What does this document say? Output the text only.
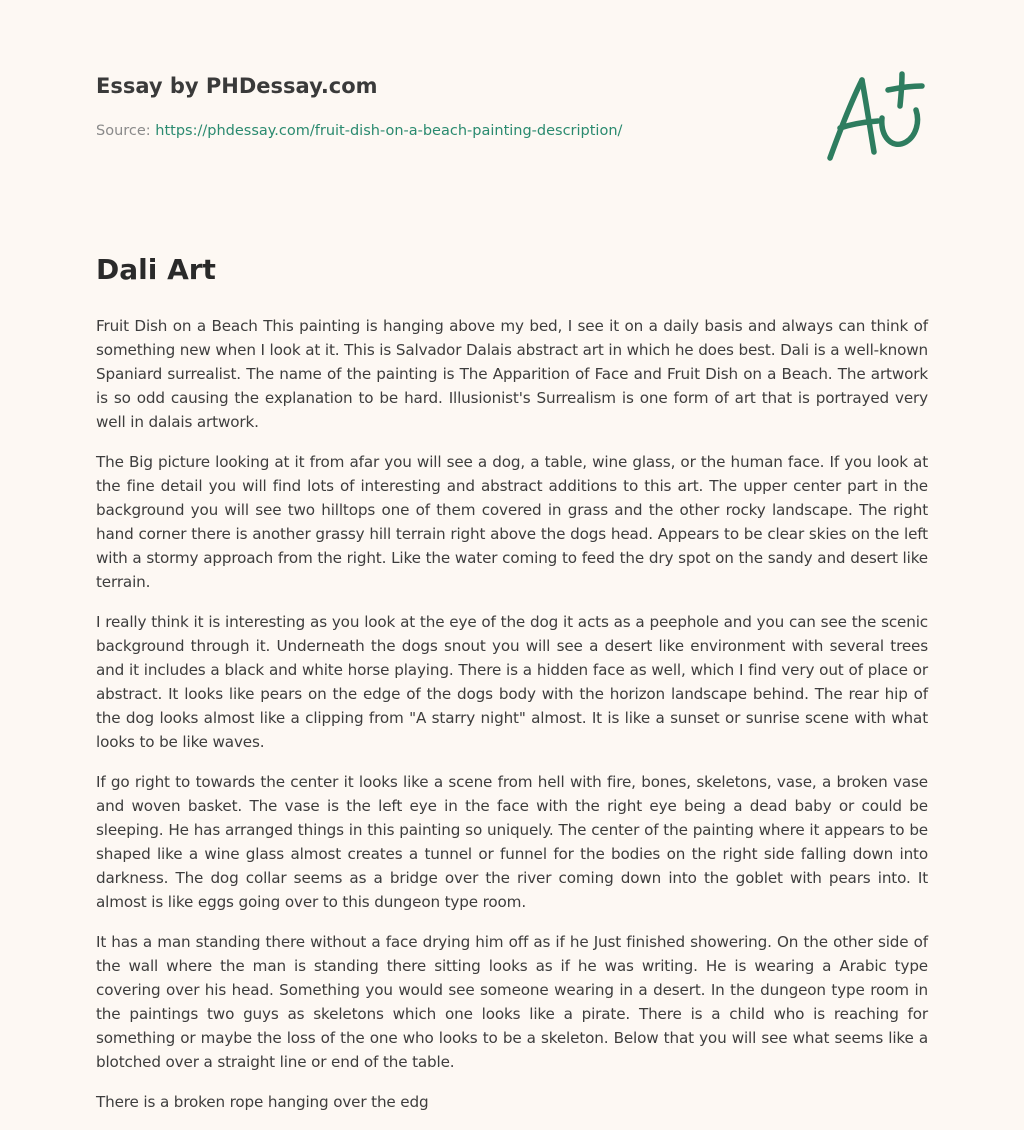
Essay by PHDessay.com
Source: https://phdessay.com/fruit-dish-on-a-beach-painting-description/
Dali Art

Fruit Dish on a Beach This painting is hanging above my bed, I see it on a daily basis and always can think of something new when I look at it. This is Salvador Dalais abstract art in which he does best. Dali is a well-known Spaniard surrealist. The name of the painting is The Apparition of Face and Fruit Dish on a Beach. The artwork is so odd causing the explanation to be hard. Illusionist's Surrealism is one form of art that is portrayed very well in dalais artwork.

The Big picture looking at it from afar you will see a dog, a table, wine glass, or the human face. If you look at the fine detail you will find lots of interesting and abstract additions to this art. The upper center part in the background you will see two hilltops one of them covered in grass and the other rocky landscape. The right hand corner there is another grassy hill terrain right above the dogs head. Appears to be clear skies on the left with a stormy approach from the right. Like the water coming to feed the dry spot on the sandy and desert like terrain.

I really think it is interesting as you look at the eye of the dog it acts as a peephole and you can see the scenic background through it. Underneath the dogs snout you will see a desert like environment with several trees and it includes a black and white horse playing. There is a hidden face as well, which I find very out of place or abstract. It looks like pears on the edge of the dogs body with the horizon landscape behind. The rear hip of the dog looks almost like a clipping from "A starry night" almost. It is like a sunset or sunrise scene with what looks to be like waves.

If go right to towards the center it looks like a scene from hell with fire, bones, skeletons, vase, a broken vase and woven basket. The vase is the left eye in the face with the right eye being a dead baby or could be sleeping. He has arranged things in this painting so uniquely. The center of the painting where it appears to be shaped like a wine glass almost creates a tunnel or funnel for the bodies on the right side falling down into darkness. The dog collar seems as a bridge over the river coming down into the goblet with pears into. It almost is like eggs going over to this dungeon type room.

It has a man standing there without a face drying him off as if he Just finished showering. On the other side of the wall where the man is standing there sitting looks as if he was writing. He is wearing a Arabic type covering over his head. Something you would see someone wearing in a desert. In the dungeon type room in the paintings two guys as skeletons which one looks like a pirate. There is a child who is reaching for something or maybe the loss of the one who looks to be a skeleton. Below that you will see what seems like a blotched over a straight line or end of the table.

There is a broken rope hanging over the edg
